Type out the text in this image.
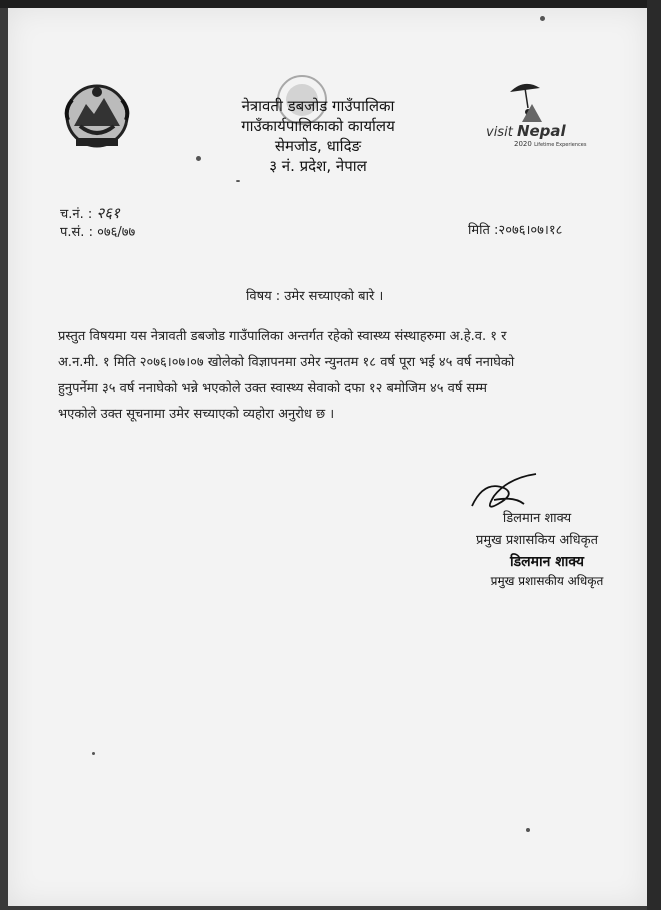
visit Nepal
2020 Lifetime Experiences
नेत्रावती डबजोड गाउँपालिका
गाउँकार्यपालिकाको कार्यालय
सेमजोड, धादिङ
३ नं. प्रदेश, नेपाल
च.नं. : २६१
प.सं. : ०७६/७७	मिति :२०७६।०७।१८
विषय : उमेर सच्याएको बारे ।
प्रस्तुत विषयमा यस नेत्रावती डबजोड गाउँपालिका अन्तर्गत रहेको स्वास्थ्य संस्थाहरुमा अ.हे.व. १ र अ.न.मी. १ मिति २०७६।०७।०७ खोलेको विज्ञापनमा उमेर न्युनतम १८ वर्ष पूरा भई ४५ वर्ष ननाघेको हुनुपर्नेमा ३५ वर्ष ननाघेको भन्ने भएकोले उक्त स्वास्थ्य सेवाको दफा १२ बमोजिम ४५ वर्ष सम्म भएकोले उक्त सूचनामा उमेर सच्याएको व्यहोरा अनुरोध छ ।
डिलमान शाक्य
प्रमुख प्रशासकिय अधिकृत
डिलमान शाक्य
प्रमुख प्रशासकीय अधिकृत
